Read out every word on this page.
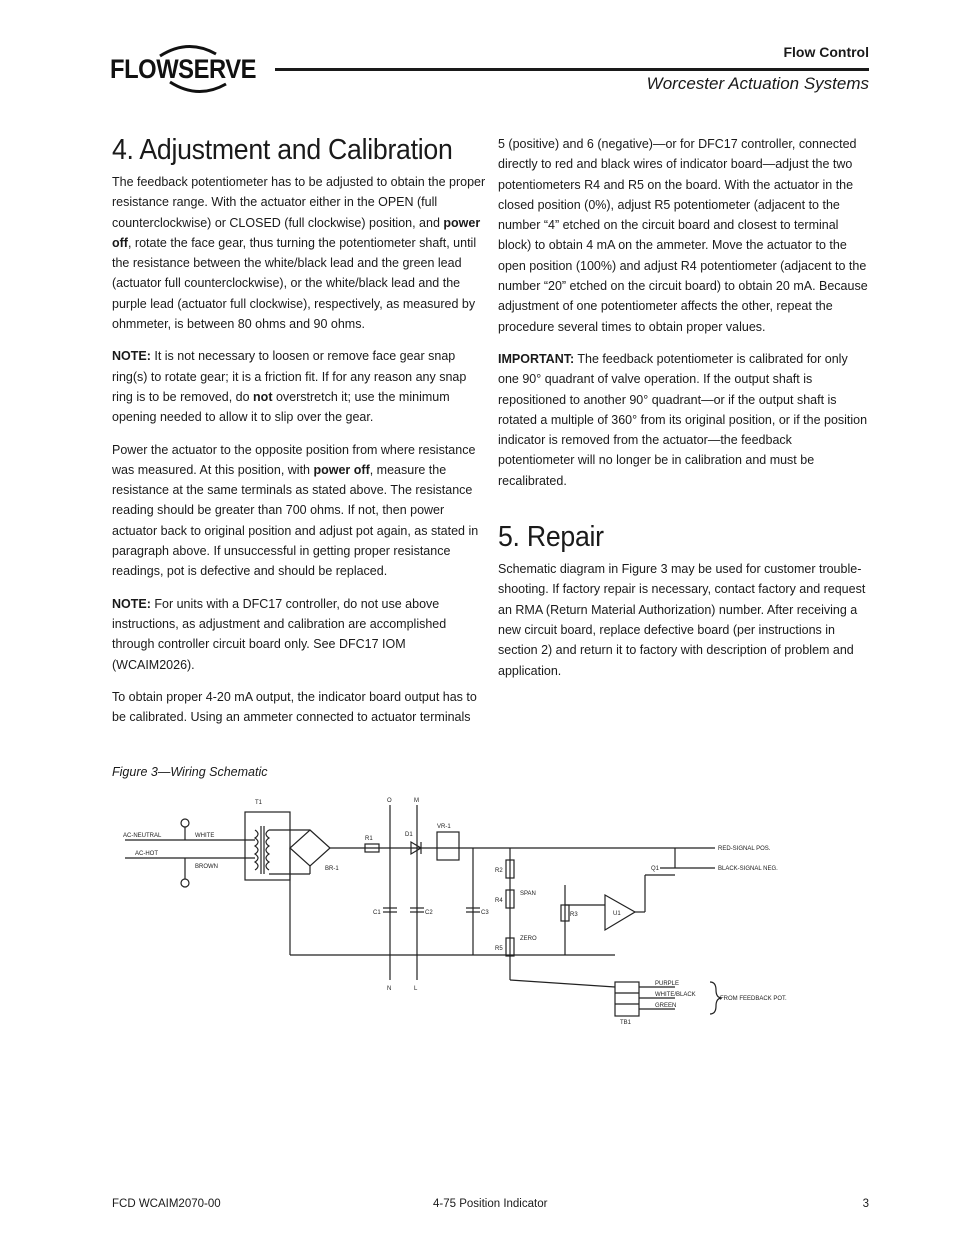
FLOWSERVE
Flow Control
Worcester Actuation Systems
4. Adjustment and Calibration

The feedback potentiometer has to be adjusted to obtain the proper resistance range. With the actuator either in the OPEN (full counterclockwise) or CLOSED (full clockwise) position, and power off, rotate the face gear, thus turning the potentiometer shaft, until the resistance between the white/black lead and the green lead (actuator full counterclockwise), or the white/black lead and the purple lead (actuator full clockwise), respectively, as measured by ohmmeter, is between 80 ohms and 90 ohms.

NOTE: It is not necessary to loosen or remove face gear snap ring(s) to rotate gear; it is a friction fit. If for any reason any snap ring is to be removed, do not overstretch it; use the minimum opening needed to allow it to slip over the gear.

Power the actuator to the opposite position from where resistance was measured. At this position, with power off, measure the resistance at the same terminals as stated above. The resistance reading should be greater than 700 ohms. If not, then power actuator back to original position and adjust pot again, as stated in paragraph above. If unsuccessful in getting proper resistance readings, pot is defective and should be replaced.

NOTE: For units with a DFC17 controller, do not use above instructions, as adjustment and calibration are accomplished through controller circuit board only. See DFC17 IOM (WCAIM2026).

To obtain proper 4-20 mA output, the indicator board output has to be calibrated. Using an ammeter connected to actuator terminals

5 (positive) and 6 (negative)—or for DFC17 controller, connected directly to red and black wires of indicator board—adjust the two potentiometers R4 and R5 on the board. With the actuator in the closed position (0%), adjust R5 potentiometer (adjacent to the number “4” etched on the circuit board and closest to terminal block) to obtain 4 mA on the ammeter. Move the actuator to the open position (100%) and adjust R4 potentiometer (adjacent to the number “20” etched on the circuit board) to obtain 20 mA. Because adjustment of one potentiometer affects the other, repeat the procedure several times to obtain proper values.

IMPORTANT: The feedback potentiometer is calibrated for only one 90° quadrant of valve operation. If the output shaft is repositioned to another 90° quadrant—or if the output shaft is rotated a multiple of 360° from its original position, or if the position indicator is removed from the actuator—the feedback potentiometer will no longer be in calibration and must be recalibrated.

5. Repair

Schematic diagram in Figure 3 may be used for customer trouble-shooting. If factory repair is necessary, contact factory and request an RMA (Return Material Authorization) number. After receiving a new circuit board, replace defective board (per instructions in section 2) and return it to factory with description of problem and application.

Figure 3—Wiring Schematic
AC-NEUTRAL
AC-HOT
WHITE
BROWN
T1
BR-1
R1
D1
VR-1
C1	C2	C3
R2
R4
R5
R3
SPAN
ZERO
U1
Q1
RED-SIGNAL POS.
BLACK-SIGNAL NEG.
PURPLE
WHITE/BLACK
GREEN
FROM FEEDBACK POT.
TB1
O	M
N	L
FCD WCAIM2070-00	4-75 Position Indicator	3
